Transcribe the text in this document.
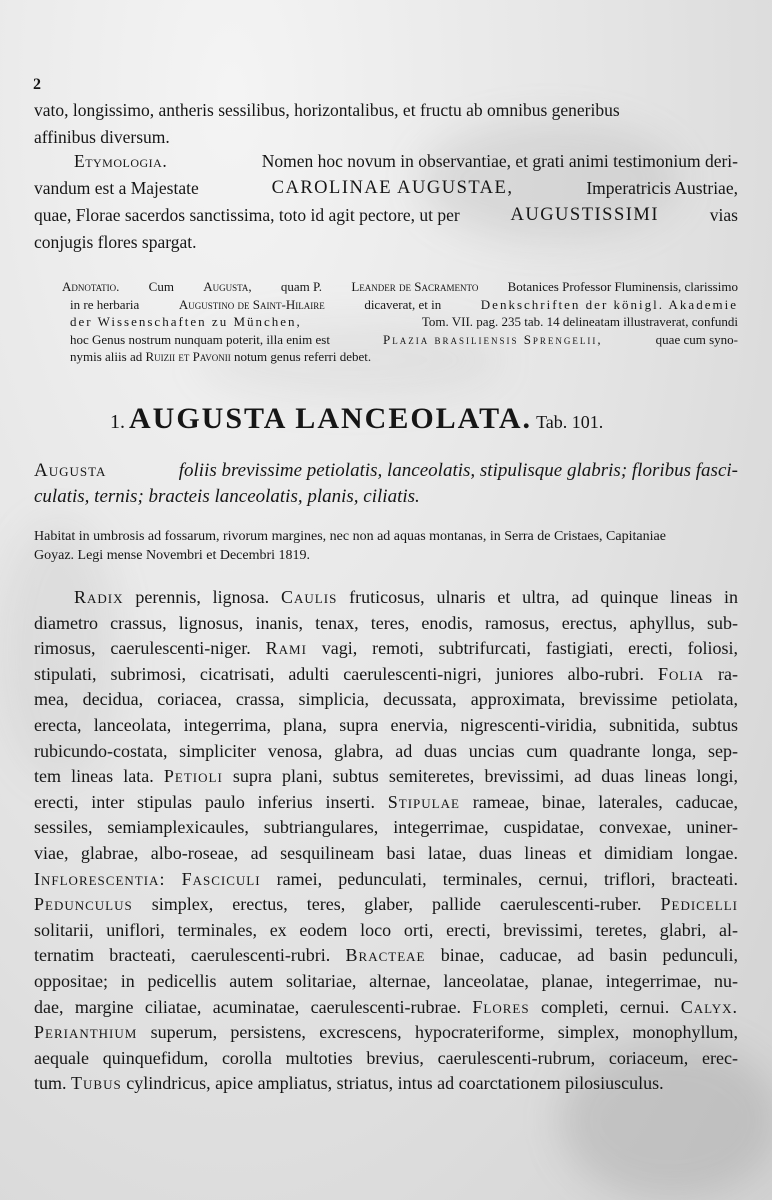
2
vato, longissimo, antheris sessilibus, horizontalibus, et fructu ab omnibus generibus
affinibus diversum.
Etymologia.	Nomen hoc novum in observantiae, et grati animi testimonium deri-
vandum est a Majestate	CAROLINAE AUGUSTAE,	Imperatricis Austriae,
quae, Florae sacerdos sanctissima, toto id agit pectore, ut per	AUGUSTISSIMI	vias
conjugis flores spargat.
Adnotatio. Cum Augusta, quam P. Leander de Sacramento Botanices Professor Fluminensis, clarissimo
in re herbaria	Augustino de Saint-Hilaire	dicaverat, et in	Denkschriften der königl. Akademie
der Wissenschaften zu München,	Tom. VII. pag. 235 tab. 14 delineatam illustraverat, confundi
hoc Genus nostrum nunquam poterit, illa enim est	Plazia brasiliensis Sprengelii,	quae cum syno-
nymis aliis ad
Ruizii et Pavonii
notum genus referri debet.
1. AUGUSTA LANCEOLATA. Tab. 101.
Augusta	foliis brevissime petiolatis, lanceolatis, stipulisque glabris; floribus fasci-
culatis, ternis; bracteis lanceolatis, planis, ciliatis.
Habitat in umbrosis ad fossarum, rivorum margines, nec non ad aquas montanas, in Serra de Cristaes, Capitaniae
Goyaz. Legi mense Novembri et Decembri 1819.
Radix perennis, lignosa. Caulis fruticosus, ulnaris et ultra, ad quinque lineas in
diametro crassus, lignosus, inanis, tenax, teres, enodis, ramosus, erectus, aphyllus, sub-
rimosus, caerulescenti-niger. Rami vagi, remoti, subtrifurcati, fastigiati, erecti, foliosi,
stipulati, subrimosi, cicatrisati, adulti caerulescenti-nigri, juniores albo-rubri. Folia ra-
mea, decidua, coriacea, crassa, simplicia, decussata, approximata, brevissime petiolata,
erecta, lanceolata, integerrima, plana, supra enervia, nigrescenti-viridia, subnitida, subtus
rubicundo-costata, simpliciter venosa, glabra, ad duas uncias cum quadrante longa, sep-
tem lineas lata. Petioli supra plani, subtus semiteretes, brevissimi, ad duas lineas longi,
erecti, inter stipulas paulo inferius inserti. Stipulae rameae, binae, laterales, caducae,
sessiles, semiamplexicaules, subtriangulares, integerrimae, cuspidatae, convexae, uniner-
viae, glabrae, albo-roseae, ad sesquilineam basi latae, duas lineas et dimidiam longae.
Inflorescentia: Fasciculi ramei, pedunculati, terminales, cernui, triflori, bracteati.
Pedunculus simplex, erectus, teres, glaber, pallide caerulescenti-ruber. Pedicelli
solitarii, uniflori, terminales, ex eodem loco orti, erecti, brevissimi, teretes, glabri, al-
ternatim bracteati, caerulescenti-rubri. Bracteae binae, caducae, ad basin pedunculi,
oppositae; in pedicellis autem solitariae, alternae, lanceolatae, planae, integerrimae, nu-
dae, margine ciliatae, acuminatae, caerulescenti-rubrae. Flores completi, cernui. Calyx.
Perianthium superum, persistens, excrescens, hypocrateriforme, simplex, monophyllum,
aequale quinquefidum, corolla multoties brevius, caerulescenti-rubrum, coriaceum, erec-
tum. Tubus cylindricus, apice ampliatus, striatus, intus ad coarctationem pilosiusculus.
